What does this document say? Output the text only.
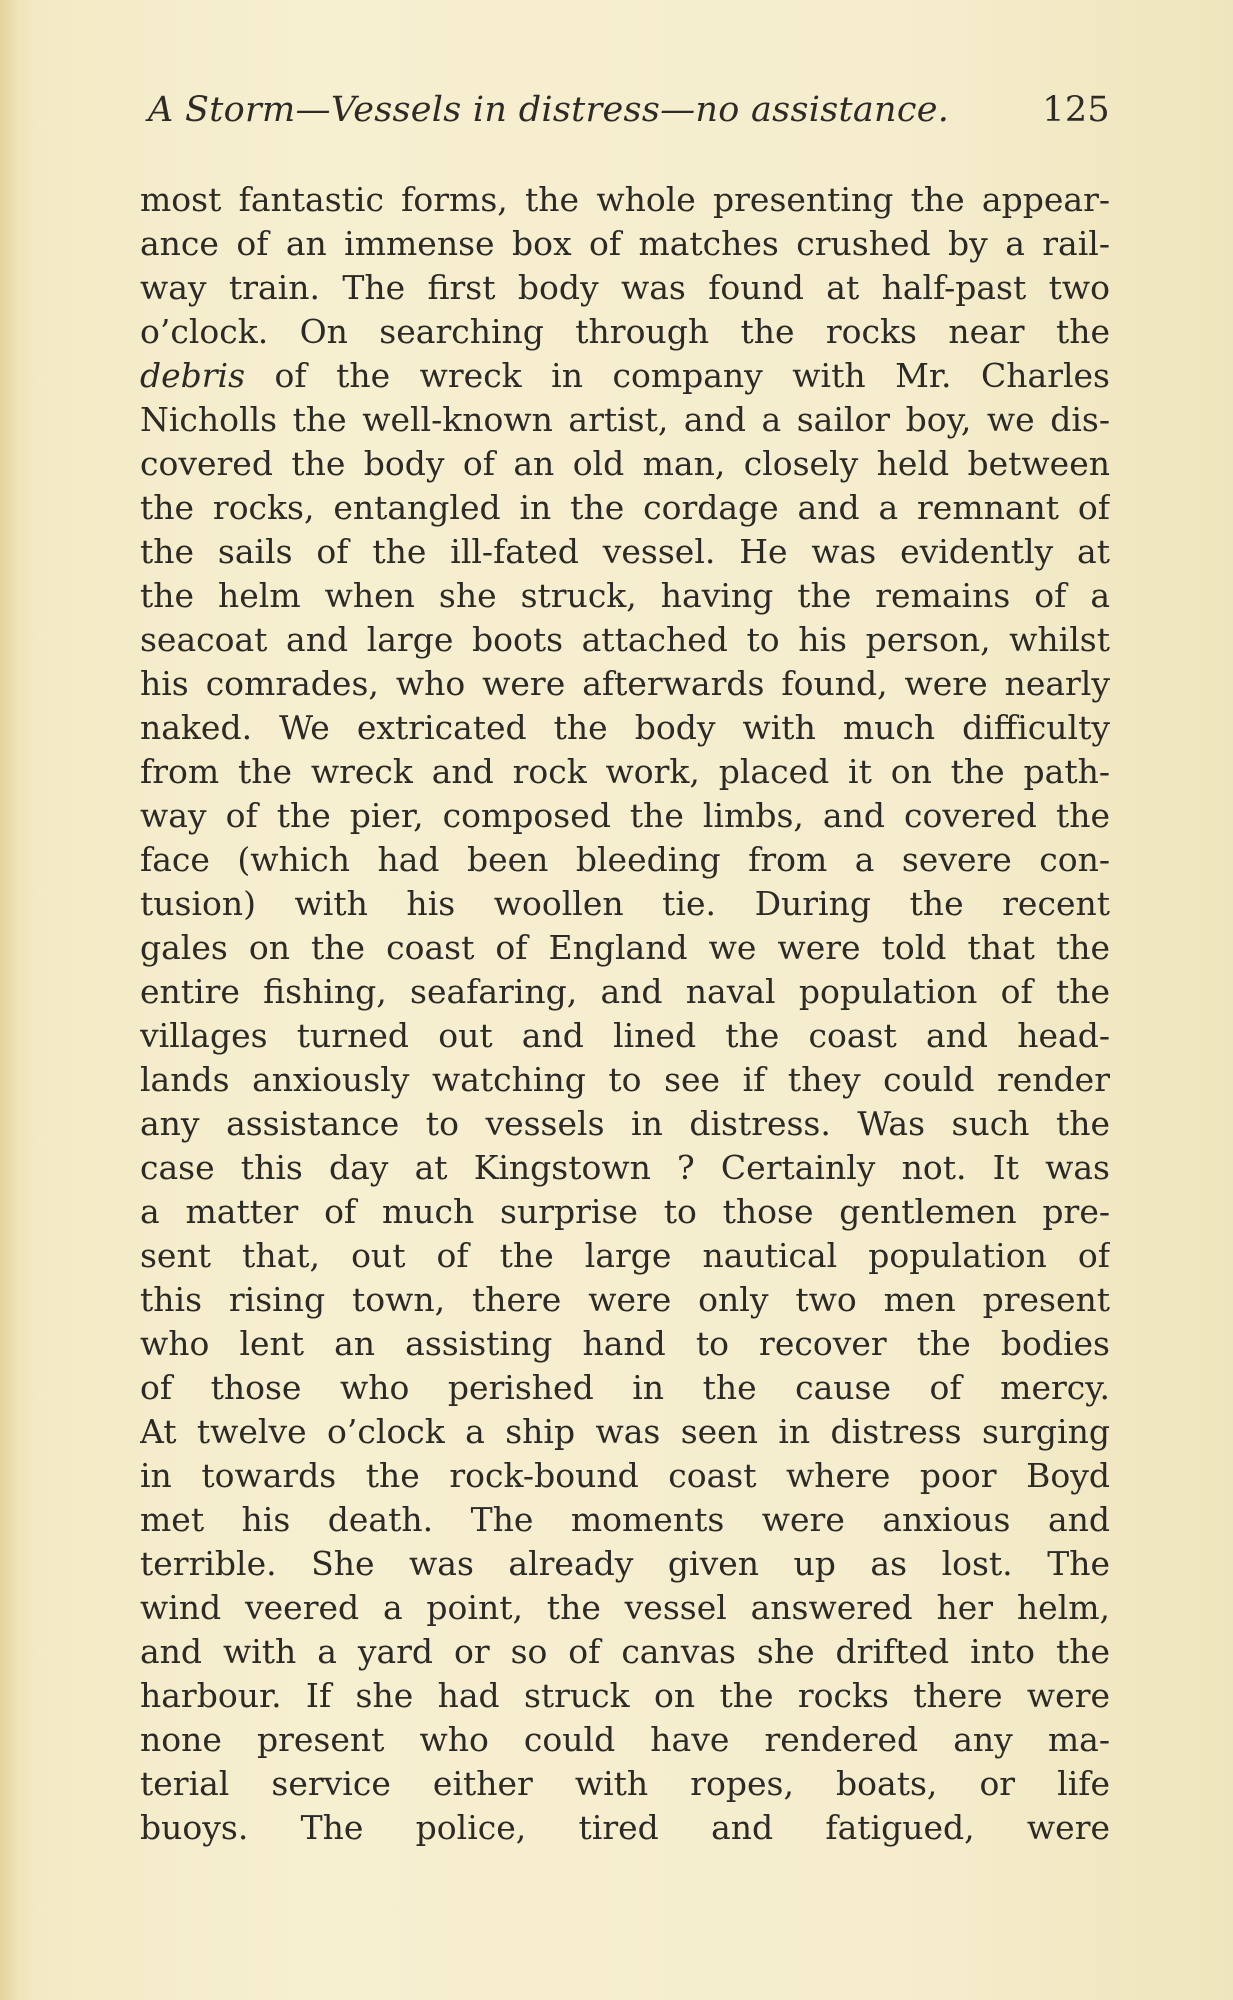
A Storm—Vessels in distress—no assistance.	125
most fantastic forms, the whole presenting the appear-
ance of an immense box of matches crushed by a rail-
way train. The first body was found at half-past two
o’clock. On searching through the rocks near the
debris of the wreck in company with Mr. Charles
Nicholls the well-known artist, and a sailor boy, we dis-
covered the body of an old man, closely held between
the rocks, entangled in the cordage and a remnant of
the sails of the ill-fated vessel. He was evidently at
the helm when she struck, having the remains of a
seacoat and large boots attached to his person, whilst
his comrades, who were afterwards found, were nearly
naked. We extricated the body with much difficulty
from the wreck and rock work, placed it on the path-
way of the pier, composed the limbs, and covered the
face (which had been bleeding from a severe con-
tusion) with his woollen tie. During the recent
gales on the coast of England we were told that the
entire fishing, seafaring, and naval population of the
villages turned out and lined the coast and head-
lands anxiously watching to see if they could render
any assistance to vessels in distress. Was such the
case this day at Kingstown ? Certainly not. It was
a matter of much surprise to those gentlemen pre-
sent that, out of the large nautical population of
this rising town, there were only two men present
who lent an assisting hand to recover the bodies
of those who perished in the cause of mercy.
At twelve o’clock a ship was seen in distress surging
in towards the rock-bound coast where poor Boyd
met his death. The moments were anxious and
terrible. She was already given up as lost. The
wind veered a point, the vessel answered her helm,
and with a yard or so of canvas she drifted into the
harbour. If she had struck on the rocks there were
none present who could have rendered any ma-
terial service either with ropes, boats, or life
buoys. The police, tired and fatigued, were
